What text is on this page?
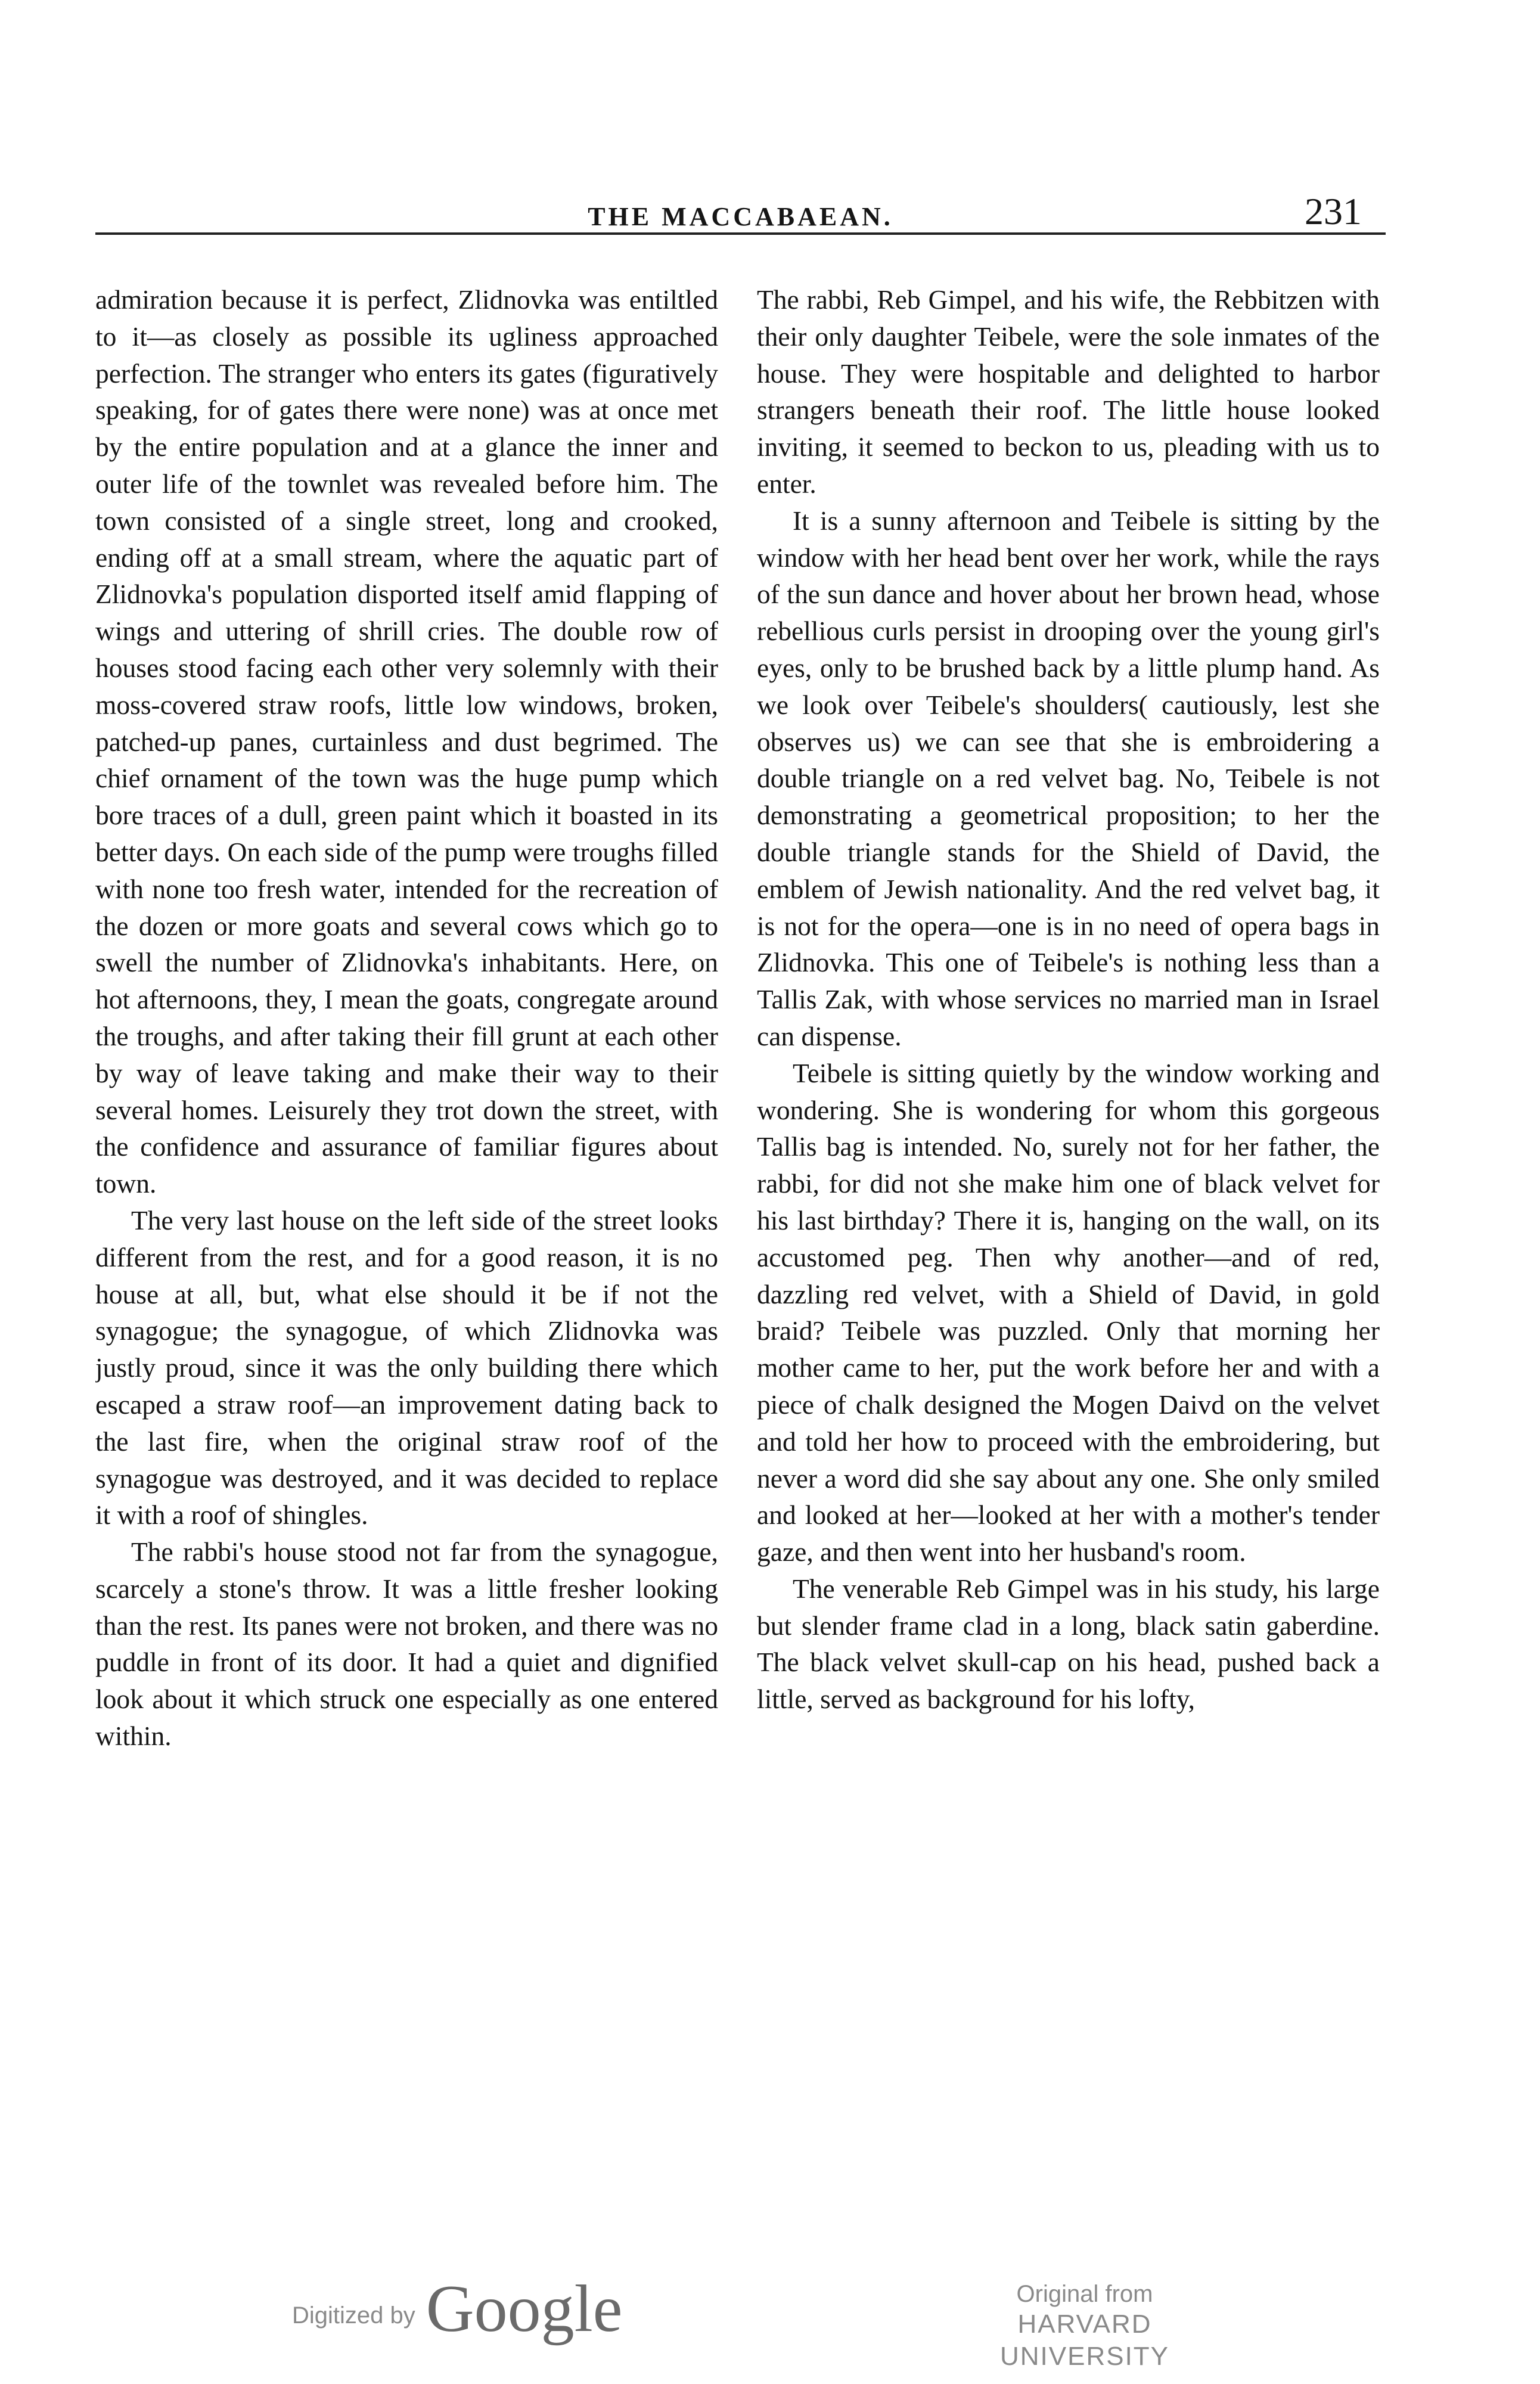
THE MACCABAEAN.	231

admiration because it is perfect, Zlidnovka was entiltled to it—as closely as possible its ugliness approached perfection. The stranger who enters its gates (figuratively speaking, for of gates there were none) was at once met by the entire population and at a glance the inner and outer life of the townlet was revealed before him. The town consisted of a single street, long and crooked, ending off at a small stream, where the aquatic part of Zlidnovka's population disported itself amid flapping of wings and uttering of shrill cries. The double row of houses stood facing each other very solemnly with their moss-covered straw roofs, little low windows, broken, patched-up panes, curtainless and dust begrimed. The chief ornament of the town was the huge pump which bore traces of a dull, green paint which it boasted in its better days. On each side of the pump were troughs filled with none too fresh water, intended for the recreation of the dozen or more goats and several cows which go to swell the number of Zlidnovka's inhabitants. Here, on hot afternoons, they, I mean the goats, congregate around the troughs, and after taking their fill grunt at each other by way of leave taking and make their way to their several homes. Leisurely they trot down the street, with the confidence and assurance of familiar figures about town.

The very last house on the left side of the street looks different from the rest, and for a good reason, it is no house at all, but, what else should it be if not the synagogue; the synagogue, of which Zlidnovka was justly proud, since it was the only building there which escaped a straw roof—an improvement dating back to the last fire, when the original straw roof of the synagogue was destroyed, and it was decided to replace it with a roof of shingles.

The rabbi's house stood not far from the synagogue, scarcely a stone's throw. It was a little fresher looking than the rest. Its panes were not broken, and there was no puddle in front of its door. It had a quiet and dignified look about it which struck one especially as one entered within.

The rabbi, Reb Gimpel, and his wife, the Rebbitzen with their only daughter Teibele, were the sole inmates of the house. They were hospitable and delighted to harbor strangers beneath their roof. The little house looked inviting, it seemed to beckon to us, pleading with us to enter.

It is a sunny afternoon and Teibele is sitting by the window with her head bent over her work, while the rays of the sun dance and hover about her brown head, whose rebellious curls persist in drooping over the young girl's eyes, only to be brushed back by a little plump hand. As we look over Teibele's shoulders( cautiously, lest she observes us) we can see that she is embroidering a double triangle on a red velvet bag. No, Teibele is not demonstrating a geometrical proposition; to her the double triangle stands for the Shield of David, the emblem of Jewish nationality. And the red velvet bag, it is not for the opera—one is in no need of opera bags in Zlidnovka. This one of Teibele's is nothing less than a Tallis Zak, with whose services no married man in Israel can dispense.

Teibele is sitting quietly by the window working and wondering. She is wondering for whom this gorgeous Tallis bag is intended. No, surely not for her father, the rabbi, for did not she make him one of black velvet for his last birthday? There it is, hanging on the wall, on its accustomed peg. Then why another—and of red, dazzling red velvet, with a Shield of David, in gold braid? Teibele was puzzled. Only that morning her mother came to her, put the work before her and with a piece of chalk designed the Mogen Daivd on the velvet and told her how to proceed with the embroidering, but never a word did she say about any one. She only smiled and looked at her—looked at her with a mother's tender gaze, and then went into her husband's room.

The venerable Reb Gimpel was in his study, his large but slender frame clad in a long, black satin gaberdine. The black velvet skull-cap on his head, pushed back a little, served as background for his lofty,

Digitized by Google	Original from
HARVARD UNIVERSITY
